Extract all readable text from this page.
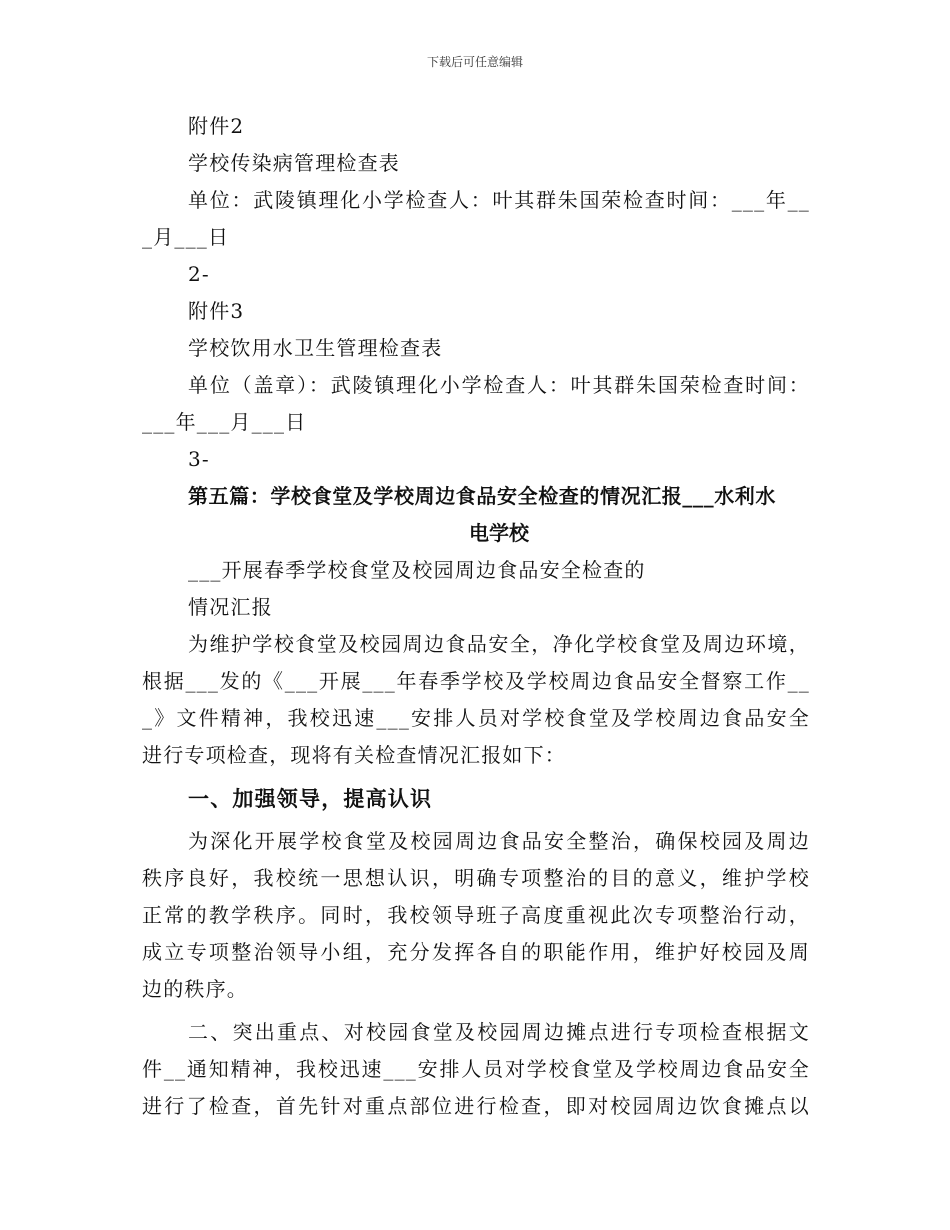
下载后可任意编辑
附件2
学校传染病管理检查表
单位：武陵镇理化小学检查人：叶其群朱国荣检查时间：___年__
_月___日
2-
附件3
学校饮用水卫生管理检查表
单位（盖章）：武陵镇理化小学检查人：叶其群朱国荣检查时间：
___年___月___日
3-
第五篇：学校食堂及学校周边食品安全检查的情况汇报___水利水
电学校
___开展春季学校食堂及校园周边食品安全检查的
情况汇报
为维护学校食堂及校园周边食品安全，净化学校食堂及周边环境，
根据___发的《___开展___年春季学校及学校周边食品安全督察工作__
_》文件精神，我校迅速___安排人员对学校食堂及学校周边食品安全
进行专项检查，现将有关检查情况汇报如下：
一、加强领导，提高认识
为深化开展学校食堂及校园周边食品安全整治，确保校园及周边
秩序良好，我校统一思想认识，明确专项整治的目的意义，维护学校
正常的教学秩序。同时，我校领导班子高度重视此次专项整治行动，
成立专项整治领导小组，充分发挥各自的职能作用，维护好校园及周
边的秩序。
二、突出重点、对校园食堂及校园周边摊点进行专项检查根据文
件__通知精神，我校迅速___安排人员对学校食堂及学校周边食品安全
进行了检查，首先针对重点部位进行检查，即对校园周边饮食摊点以
